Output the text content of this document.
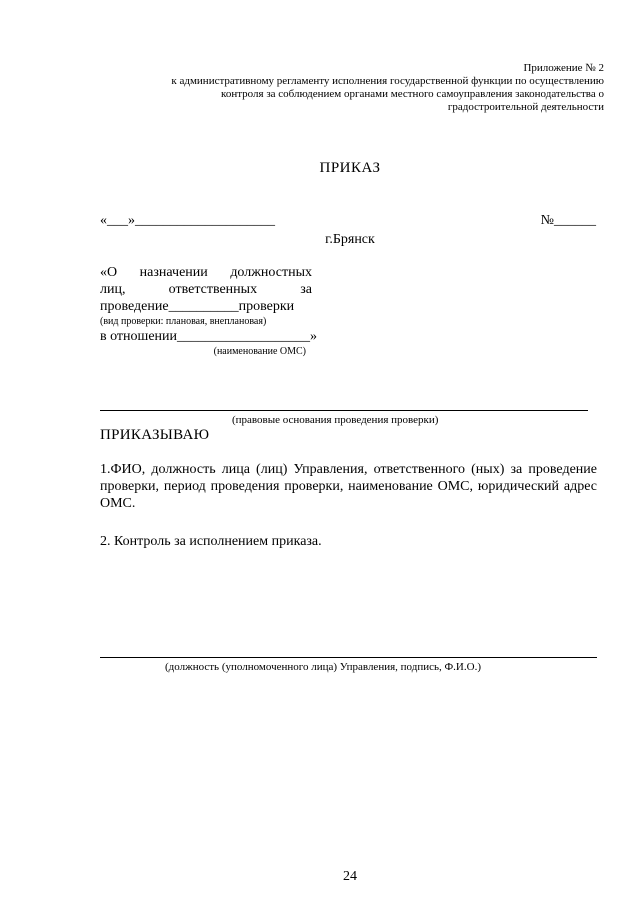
Приложение № 2
к административному регламенту исполнения государственной функции по осуществлению
контроля за соблюдением органами местного самоуправления законодательства о
градостроительной деятельности
ПРИКАЗ
«___»____________________	№______
г.Брянск
«О назначении должностных
лиц,	ответственных	за
проведение__________проверки
(вид проверки: плановая, внеплановая)
в отношении___________________»
(наименование ОМС)
(правовые основания проведения проверки)
ПРИКАЗЫВАЮ
1.ФИО, должность лица (лиц) Управления, ответственного (ных) за проведение проверки, период проведения проверки, наименование ОМС, юридический адрес ОМС.
2. Контроль за исполнением приказа.
(должность (уполномоченного лица) Управления, подпись, Ф.И.О.)
24
